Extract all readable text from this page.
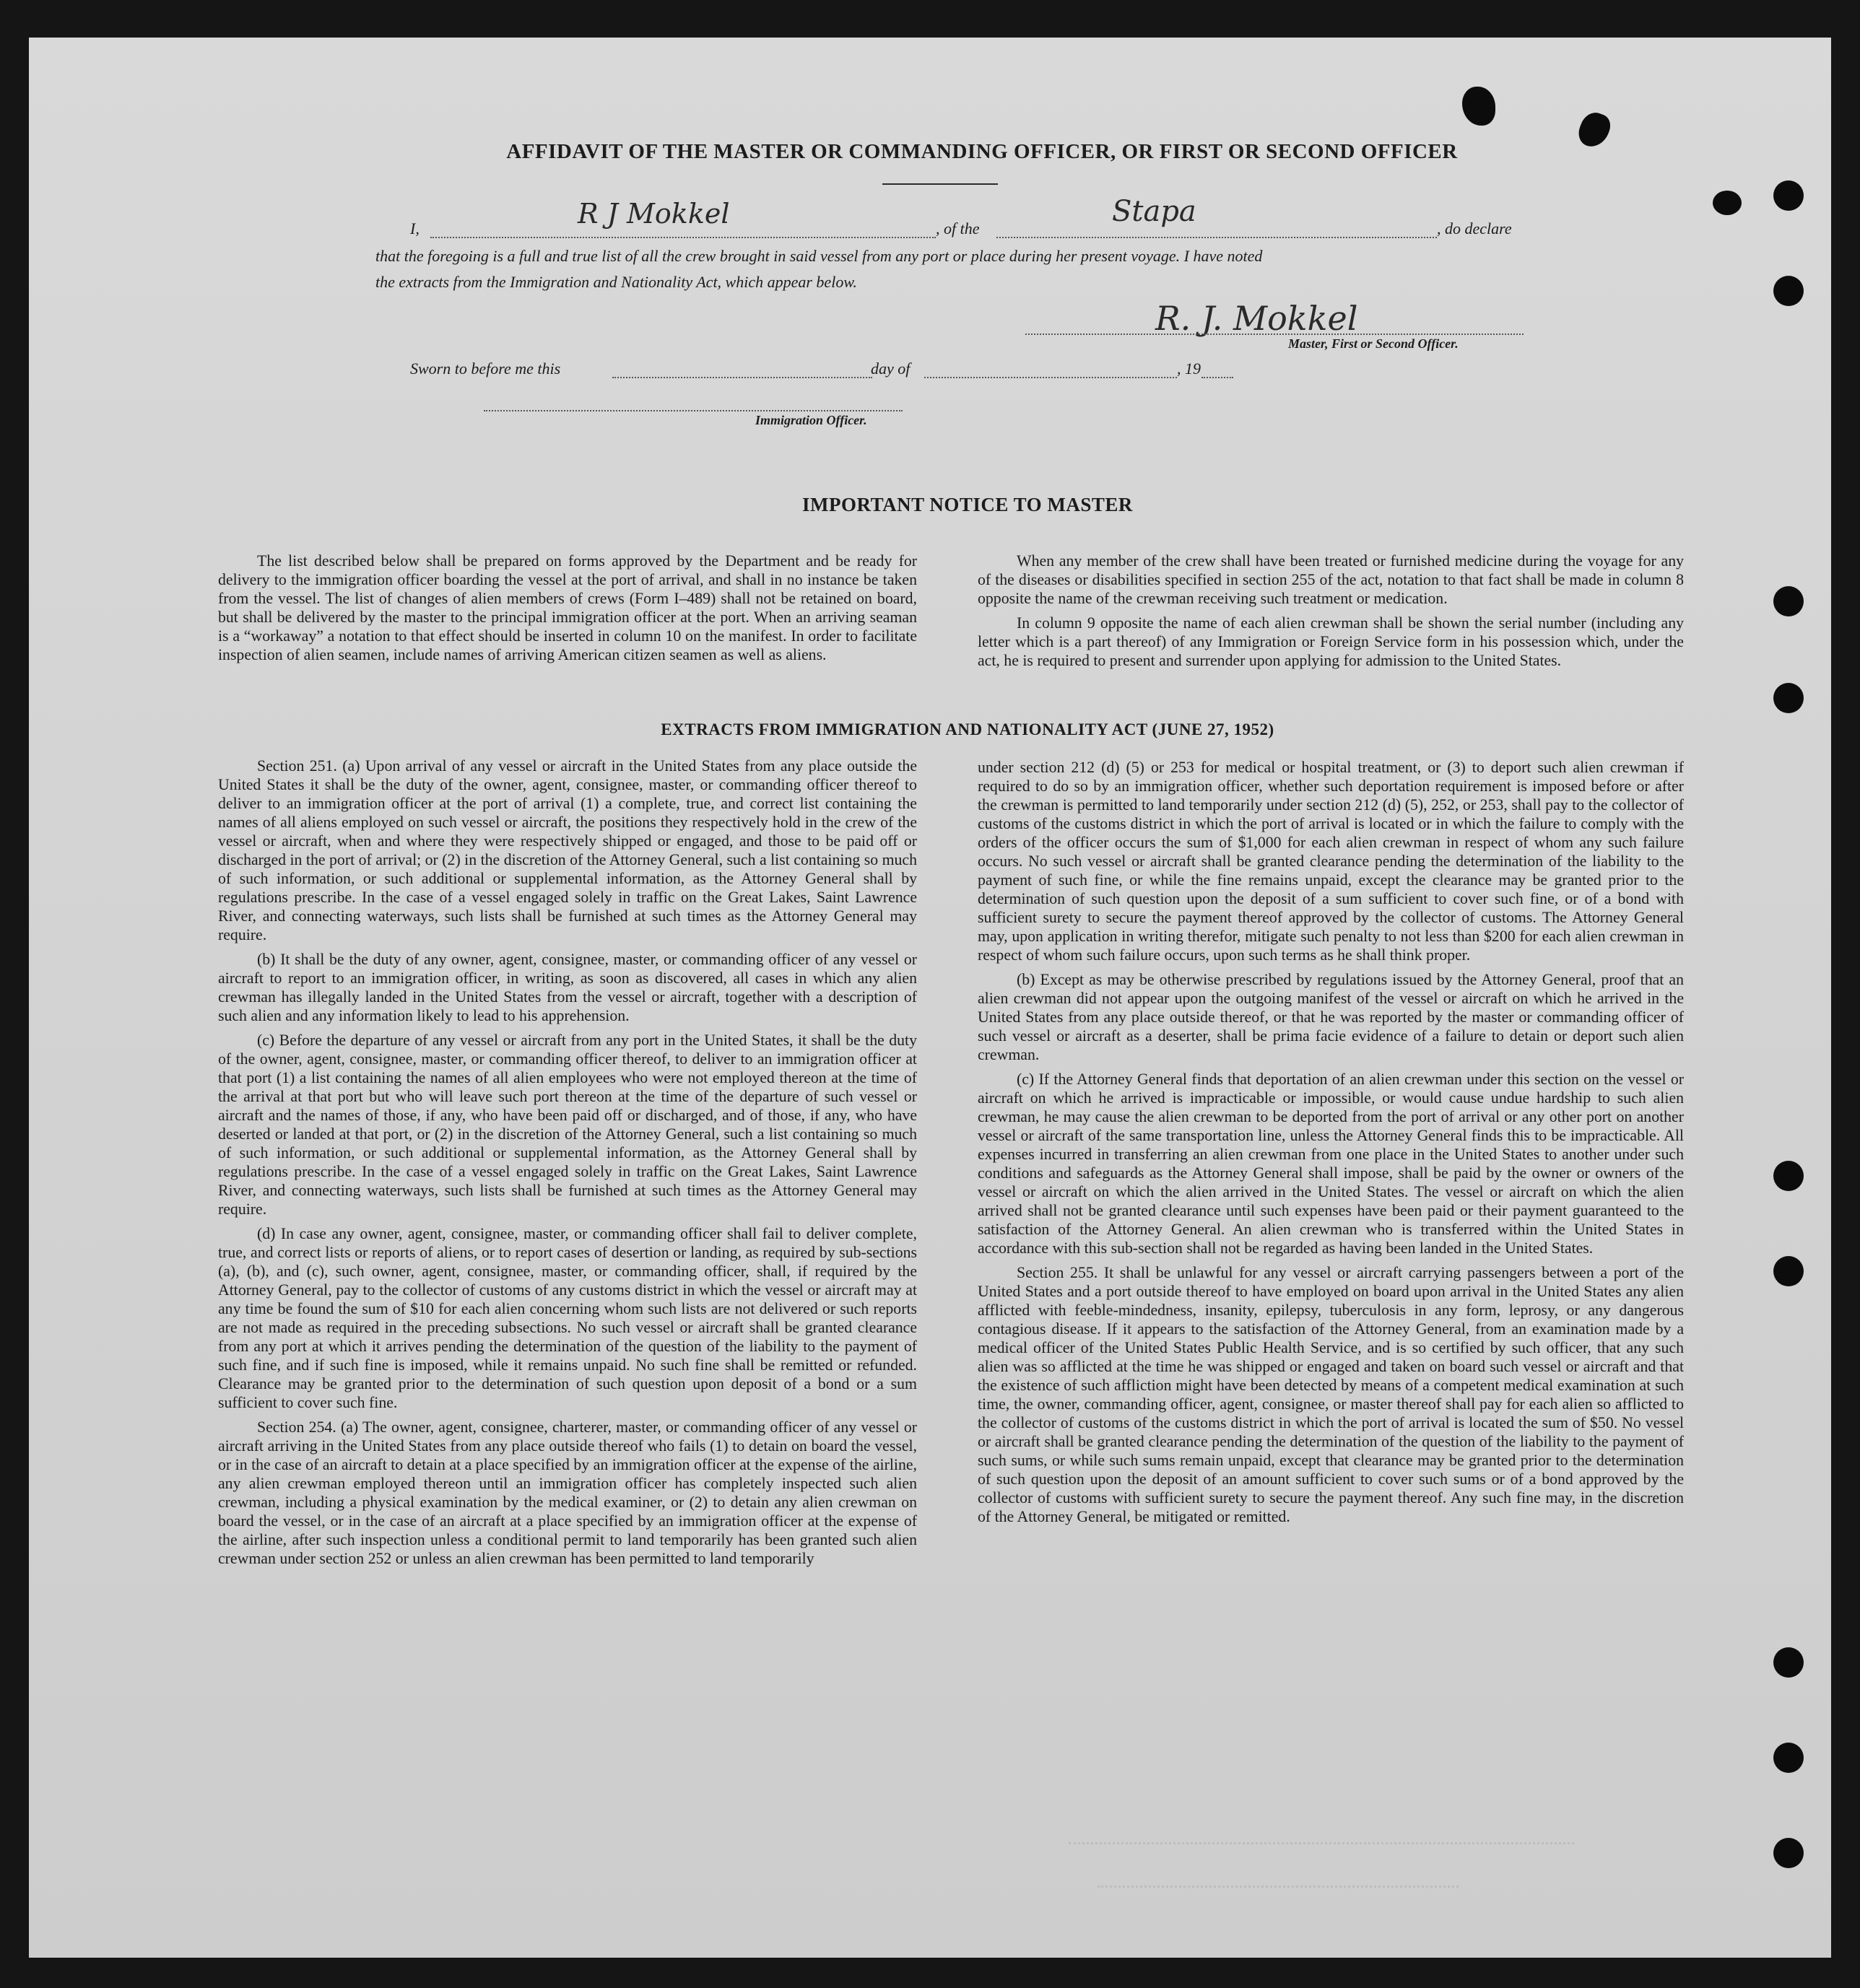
AFFIDAVIT OF THE MASTER OR COMMANDING OFFICER, OR FIRST OR SECOND OFFICER
I,	R J Mokkel	, of the
Stapa
, do declare
that the foregoing is a full and true list of all the crew brought in said vessel from any port or place during her present voyage. I have noted
the extracts from the Immigration and Nationality Act, which appear below.
R. J. Mokkel
Master, First or Second Officer.
Sworn to before me this	day of	, 19
Immigration Officer.
IMPORTANT NOTICE TO MASTER

The list described below shall be prepared on forms approved by the Department and be ready for delivery to the immigration officer boarding the vessel at the port of arrival, and shall in no instance be taken from the vessel. The list of changes of alien members of crews (Form I–489) shall not be retained on board, but shall be delivered by the master to the principal immigration officer at the port. When an arriving seaman is a “workaway” a notation to that effect should be inserted in column 10 on the manifest. In order to facilitate inspection of alien seamen, include names of arriving American citizen seamen as well as aliens.

When any member of the crew shall have been treated or furnished medicine during the voyage for any of the diseases or disabilities specified in section 255 of the act, notation to that fact shall be made in column 8 opposite the name of the crewman receiving such treatment or medication.

In column 9 opposite the name of each alien crewman shall be shown the serial number (including any letter which is a part thereof) of any Immigration or Foreign Service form in his possession which, under the act, he is required to present and surrender upon applying for admission to the United States.

EXTRACTS FROM IMMIGRATION AND NATIONALITY ACT (JUNE 27, 1952)

Section 251. (a) Upon arrival of any vessel or aircraft in the United States from any place outside the United States it shall be the duty of the owner, agent, consignee, master, or commanding officer thereof to deliver to an immigration officer at the port of arrival (1) a complete, true, and correct list containing the names of all aliens employed on such vessel or aircraft, the positions they respectively hold in the crew of the vessel or aircraft, when and where they were respectively shipped or engaged, and those to be paid off or discharged in the port of arrival; or (2) in the discretion of the Attorney General, such a list containing so much of such information, or such additional or supplemental information, as the Attorney General shall by regulations prescribe. In the case of a vessel engaged solely in traffic on the Great Lakes, Saint Lawrence River, and connecting waterways, such lists shall be furnished at such times as the Attorney General may require.

(b) It shall be the duty of any owner, agent, consignee, master, or commanding officer of any vessel or aircraft to report to an immigration officer, in writing, as soon as discovered, all cases in which any alien crewman has illegally landed in the United States from the vessel or aircraft, together with a description of such alien and any information likely to lead to his apprehension.

(c) Before the departure of any vessel or aircraft from any port in the United States, it shall be the duty of the owner, agent, consignee, master, or commanding officer thereof, to deliver to an immigration officer at that port (1) a list containing the names of all alien employees who were not employed thereon at the time of the arrival at that port but who will leave such port thereon at the time of the departure of such vessel or aircraft and the names of those, if any, who have been paid off or discharged, and of those, if any, who have deserted or landed at that port, or (2) in the discretion of the Attorney General, such a list containing so much of such information, or such additional or supplemental information, as the Attorney General shall by regulations prescribe. In the case of a vessel engaged solely in traffic on the Great Lakes, Saint Lawrence River, and connecting waterways, such lists shall be furnished at such times as the Attorney General may require.

(d) In case any owner, agent, consignee, master, or commanding officer shall fail to deliver complete, true, and correct lists or reports of aliens, or to report cases of desertion or landing, as required by sub-sections (a), (b), and (c), such owner, agent, consignee, master, or commanding officer, shall, if required by the Attorney General, pay to the collector of customs of any customs district in which the vessel or aircraft may at any time be found the sum of $10 for each alien concerning whom such lists are not delivered or such reports are not made as required in the preceding subsections. No such vessel or aircraft shall be granted clearance from any port at which it arrives pending the determination of the question of the liability to the payment of such fine, and if such fine is imposed, while it remains unpaid. No such fine shall be remitted or refunded. Clearance may be granted prior to the determination of such question upon deposit of a bond or a sum sufficient to cover such fine.

Section 254. (a) The owner, agent, consignee, charterer, master, or commanding officer of any vessel or aircraft arriving in the United States from any place outside thereof who fails (1) to detain on board the vessel, or in the case of an aircraft to detain at a place specified by an immigration officer at the expense of the airline, any alien crewman employed thereon until an immigration officer has completely inspected such alien crewman, including a physical examination by the medical examiner, or (2) to detain any alien crewman on board the vessel, or in the case of an aircraft at a place specified by an immigration officer at the expense of the airline, after such inspection unless a conditional permit to land temporarily has been granted such alien crewman under section 252 or unless an alien crewman has been permitted to land temporarily

under section 212 (d) (5) or 253 for medical or hospital treatment, or (3) to deport such alien crewman if required to do so by an immigration officer, whether such deportation requirement is imposed before or after the crewman is permitted to land temporarily under section 212 (d) (5), 252, or 253, shall pay to the collector of customs of the customs district in which the port of arrival is located or in which the failure to comply with the orders of the officer occurs the sum of $1,000 for each alien crewman in respect of whom any such failure occurs. No such vessel or aircraft shall be granted clearance pending the determination of the liability to the payment of such fine, or while the fine remains unpaid, except the clearance may be granted prior to the determination of such question upon the deposit of a sum sufficient to cover such fine, or of a bond with sufficient surety to secure the payment thereof approved by the collector of customs. The Attorney General may, upon application in writing therefor, mitigate such penalty to not less than $200 for each alien crewman in respect of whom such failure occurs, upon such terms as he shall think proper.

(b) Except as may be otherwise prescribed by regulations issued by the Attorney General, proof that an alien crewman did not appear upon the outgoing manifest of the vessel or aircraft on which he arrived in the United States from any place outside thereof, or that he was reported by the master or commanding officer of such vessel or aircraft as a deserter, shall be prima facie evidence of a failure to detain or deport such alien crewman.

(c) If the Attorney General finds that deportation of an alien crewman under this section on the vessel or aircraft on which he arrived is impracticable or impossible, or would cause undue hardship to such alien crewman, he may cause the alien crewman to be deported from the port of arrival or any other port on another vessel or aircraft of the same transportation line, unless the Attorney General finds this to be impracticable. All expenses incurred in transferring an alien crewman from one place in the United States to another under such conditions and safeguards as the Attorney General shall impose, shall be paid by the owner or owners of the vessel or aircraft on which the alien arrived in the United States. The vessel or aircraft on which the alien arrived shall not be granted clearance until such expenses have been paid or their payment guaranteed to the satisfaction of the Attorney General. An alien crewman who is transferred within the United States in accordance with this sub-section shall not be regarded as having been landed in the United States.

Section 255. It shall be unlawful for any vessel or aircraft carrying passengers between a port of the United States and a port outside thereof to have employed on board upon arrival in the United States any alien afflicted with feeble-mindedness, insanity, epilepsy, tuberculosis in any form, leprosy, or any dangerous contagious disease. If it appears to the satisfaction of the Attorney General, from an examination made by a medical officer of the United States Public Health Service, and is so certified by such officer, that any such alien was so afflicted at the time he was shipped or engaged and taken on board such vessel or aircraft and that the existence of such affliction might have been detected by means of a competent medical examination at such time, the owner, commanding officer, agent, consignee, or master thereof shall pay for each alien so afflicted to the collector of customs of the customs district in which the port of arrival is located the sum of $50. No vessel or aircraft shall be granted clearance pending the determination of the question of the liability to the payment of such sums, or while such sums remain unpaid, except that clearance may be granted prior to the determination of such question upon the deposit of an amount sufficient to cover such sums or of a bond approved by the collector of customs with sufficient surety to secure the payment thereof. Any such fine may, in the discretion of the Attorney General, be mitigated or remitted.
